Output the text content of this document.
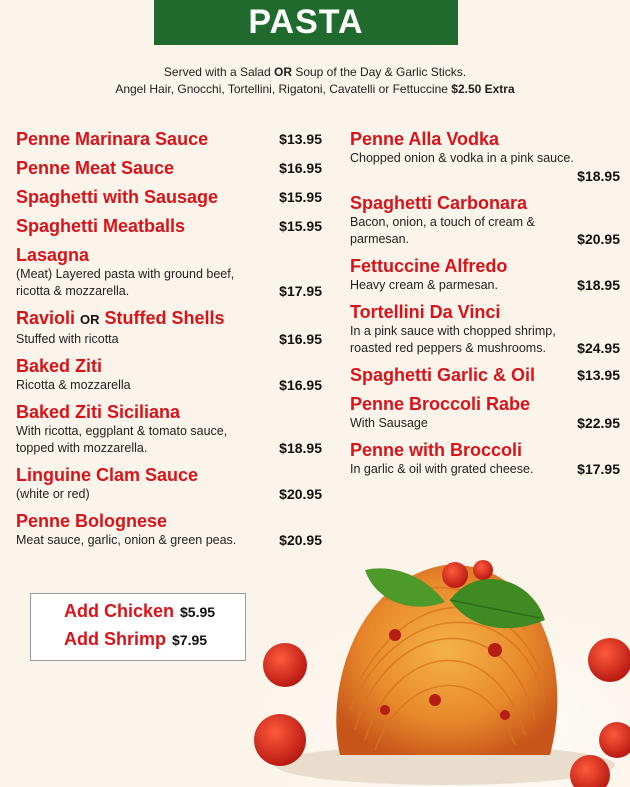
PASTA
Served with a Salad OR Soup of the Day & Garlic Sticks.
Angel Hair, Gnocchi, Tortellini, Rigatoni, Cavatelli or Fettuccine $2.50 Extra
Penne Marinara Sauce	$13.95
Penne Meat Sauce	$16.95
Spaghetti with Sausage	$15.95
Spaghetti Meatballs	$15.95
Lasagna
(Meat) Layered pasta with ground beef, ricotta & mozzarella.	$17.95
Ravioli OR Stuffed Shells
Stuffed with ricotta	$16.95
Baked Ziti
Ricotta & mozzarella	$16.95
Baked Ziti Siciliana
With ricotta, eggplant & tomato sauce, topped with mozzarella.	$18.95
Linguine Clam Sauce
(white or red)	$20.95
Penne Bolognese
Meat sauce, garlic, onion & green peas.	$20.95
Penne Alla Vodka
Chopped onion & vodka in a pink sauce.
$18.95
Spaghetti Carbonara
Bacon, onion, a touch of cream & parmesan.	$20.95
Fettuccine Alfredo
Heavy cream & parmesan.	$18.95
Tortellini Da Vinci
In a pink sauce with chopped shrimp, roasted red peppers & mushrooms.	$24.95
Spaghetti Garlic & Oil	$13.95
Penne Broccoli Rabe
With Sausage	$22.95
Penne with Broccoli
In garlic & oil with grated cheese.	$17.95
Add Chicken $5.95
Add Shrimp $7.95
